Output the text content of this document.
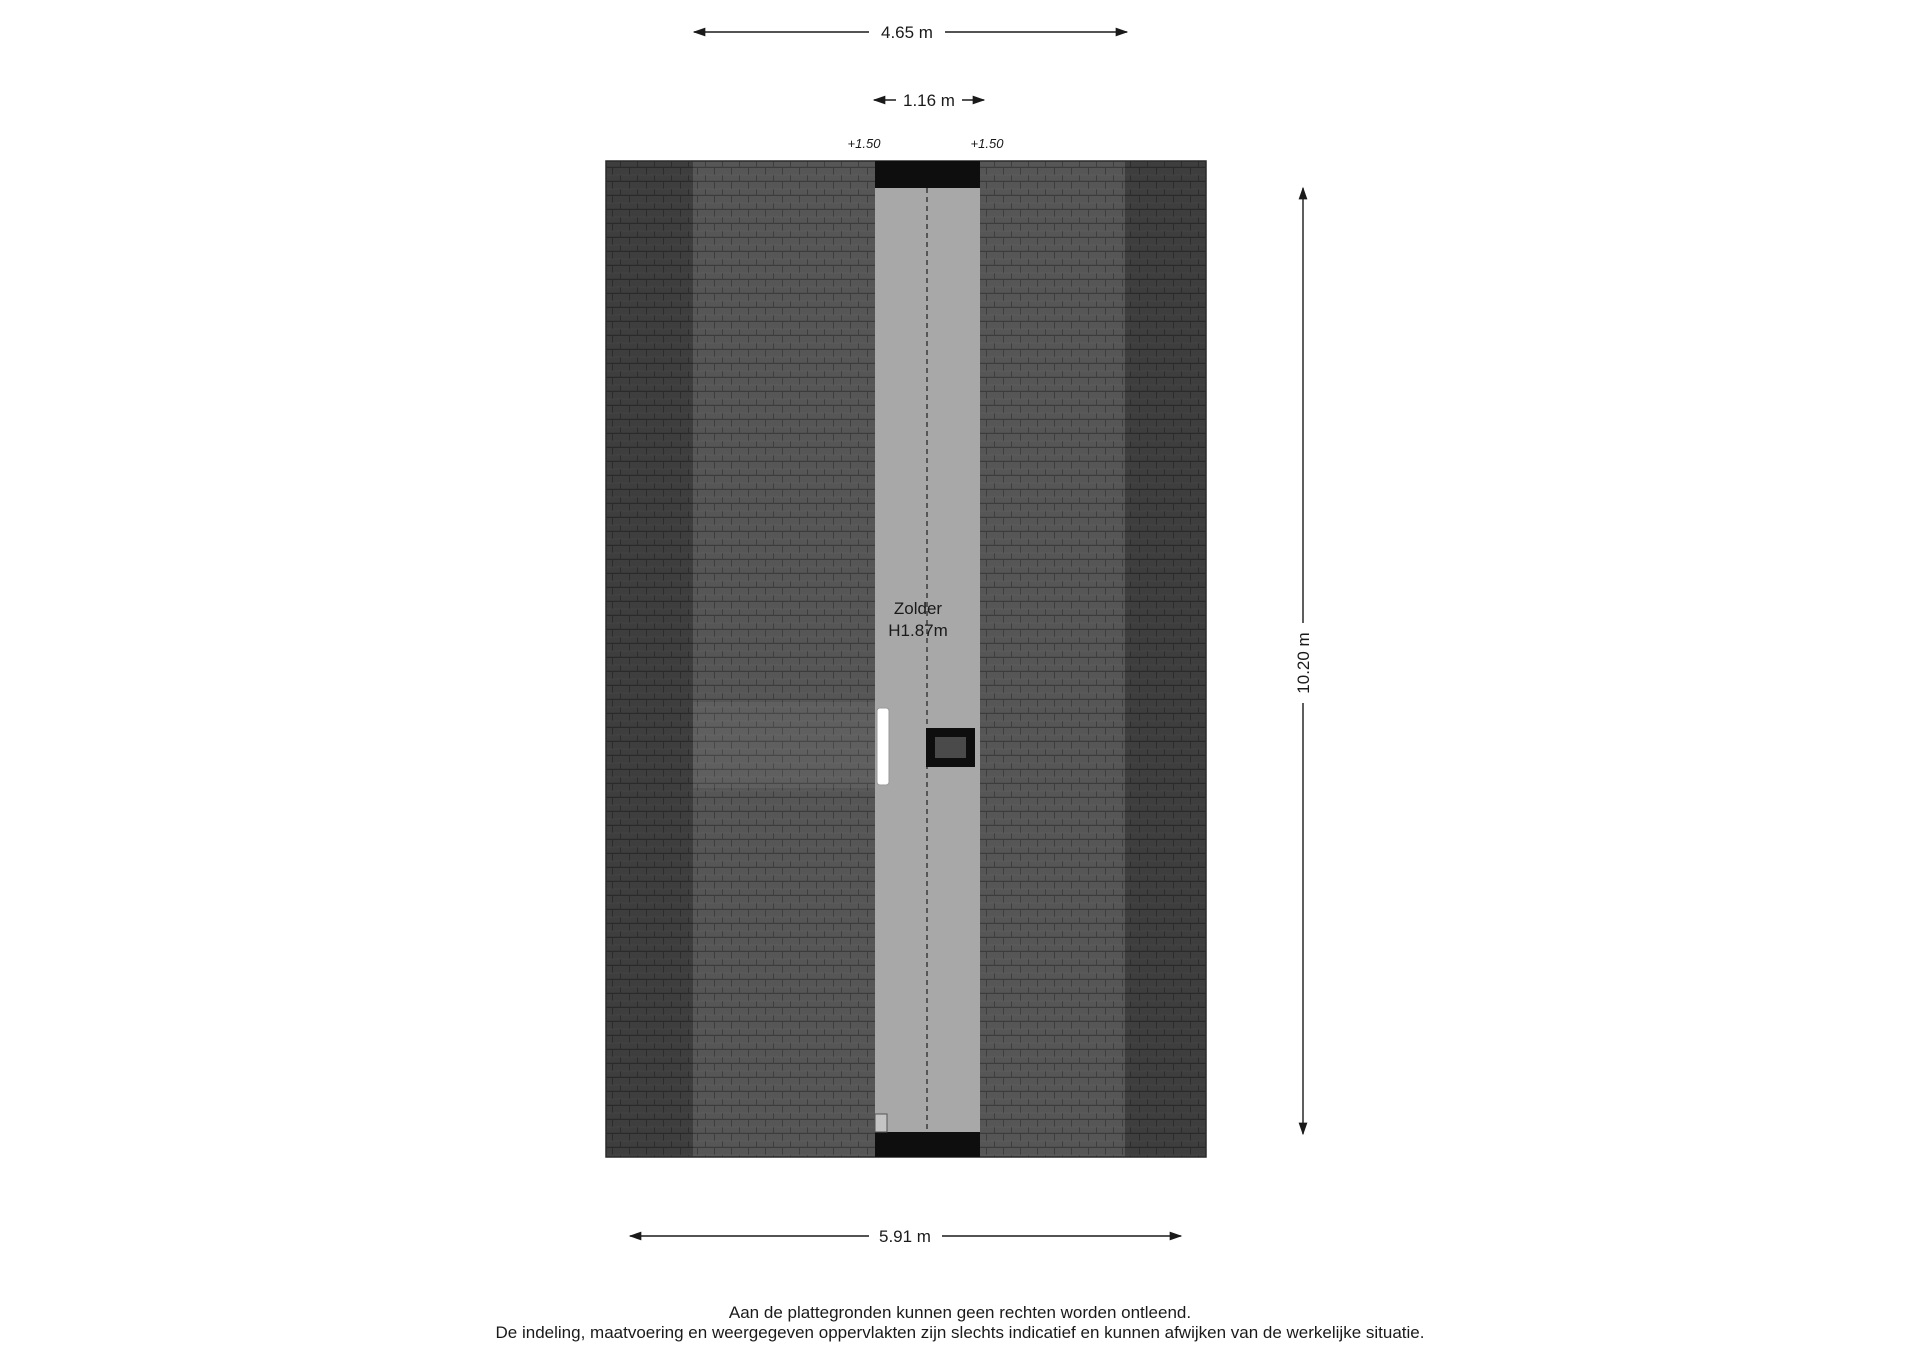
4.65 m
1.16 m
+1.50	+1.50
Zolder
H1.87m
10.20 m
5.91 m
Aan de plattegronden kunnen geen rechten worden ontleend.
De indeling, maatvoering en weergegeven oppervlakten zijn slechts indicatief en kunnen afwijken van de werkelijke situatie.
